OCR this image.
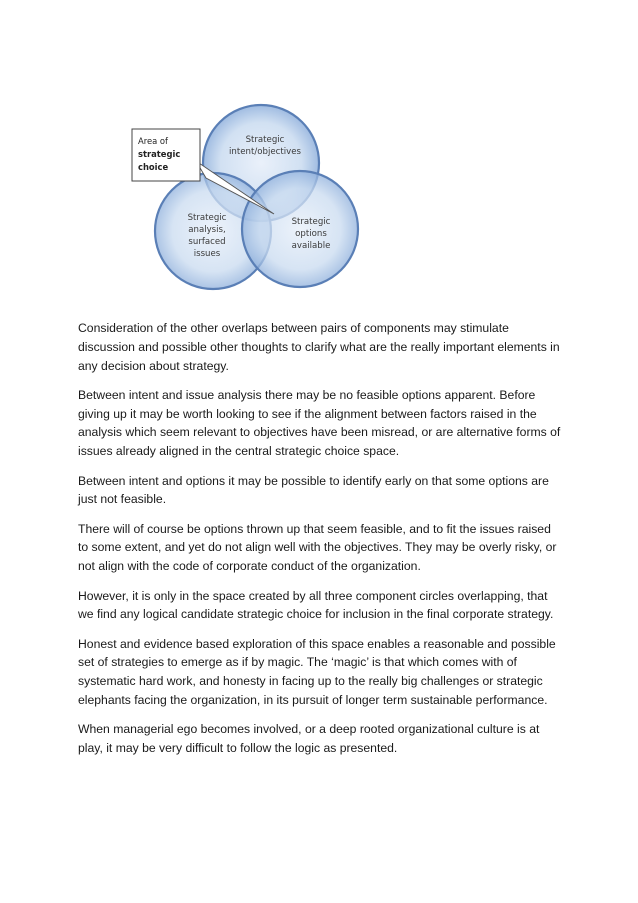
Area of
strategic
choice
Strategic
intent/objectives
Strategic
analysis,
surfaced
issues
Strategic
options
available

Consideration of the other overlaps between pairs of components may stimulate discussion and possible other thoughts to clarify what are the really important elements in any decision about strategy.

Between intent and issue analysis there may be no feasible options apparent. Before giving up it may be worth looking to see if the alignment between factors raised in the analysis which seem relevant to objectives have been misread, or are alternative forms of issues already aligned in the central strategic choice space.

Between intent and options it may be possible to identify early on that some options are just not feasible.

There will of course be options thrown up that seem feasible, and to fit the issues raised to some extent, and yet do not align well with the objectives. They may be overly risky, or not align with the code of corporate conduct of the organization.

However, it is only in the space created by all three component circles overlapping, that we find any logical candidate strategic choice for inclusion in the final corporate strategy.

Honest and evidence based exploration of this space enables a reasonable and possible set of strategies to emerge as if by magic. The ‘magic’ is that which comes with of systematic hard work, and honesty in facing up to the really big challenges or strategic elephants facing the organization, in its pursuit of longer term sustainable performance.

When managerial ego becomes involved, or a deep rooted organizational culture is at play, it may be very difficult to follow the logic as presented.
